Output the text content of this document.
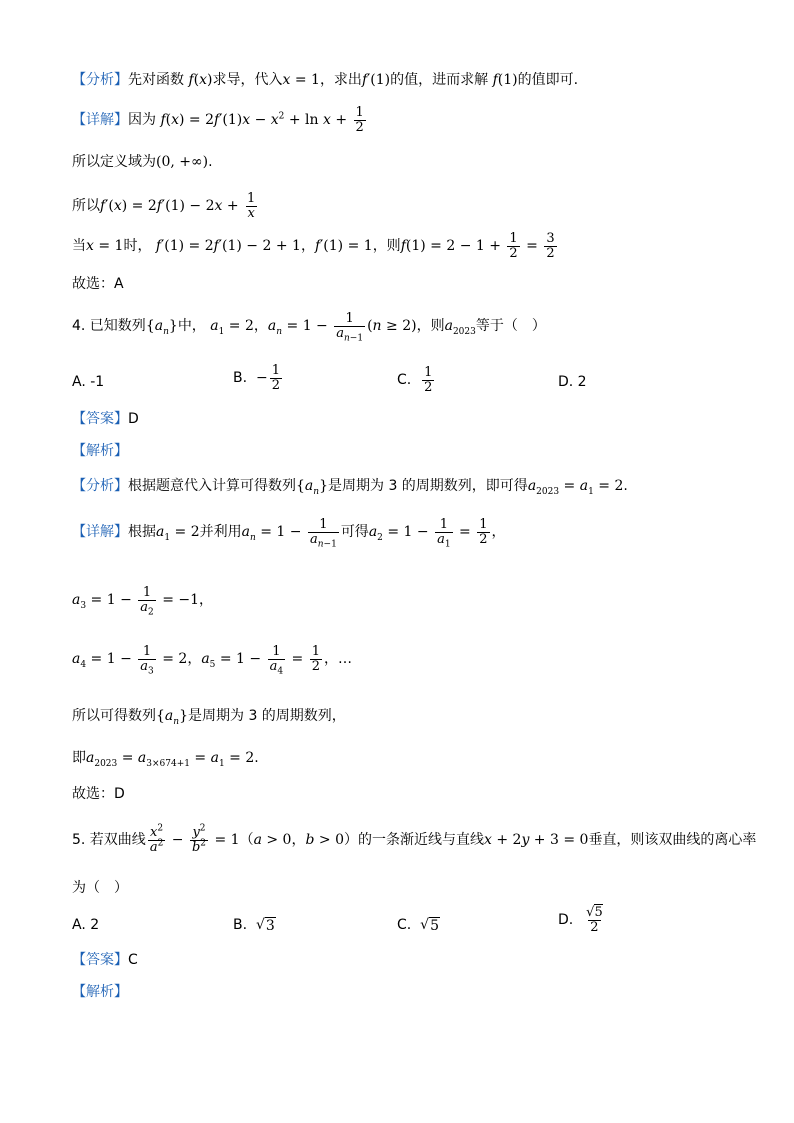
【分析】先对函数 f(x)求导，代入x = 1，求出f′(1)的值，进而求解 f(1)的值即可.
【详解】因为 $f(x) = 2f'(1)x - x^2 + \ln x + \frac{1}{2}$
所以定义域为(0, +∞).
所以$f'(x) = 2f'(1) - 2x + \frac{1}{x}$
当x = 1时， f′(1) = 2f′(1) − 2 + 1，f′(1) = 1，则$f(1) = 2 - 1 + \frac{1}{2} = \frac{3}{2}$
故选：A
4. 已知数列$\{a_n\}$中， $a_1 = 2$，$a_n = 1 - \frac{1}{a_{n-1}} (n \ge 2)$，则$a_{2023}$等于（　）
A. -1	B. − $\frac{1}{2}$	C. $\frac{1}{2}$	D. 2
【答案】D
【解析】
【分析】根据题意代入计算可得数列$\{a_n\}$是周期为 3 的周期数列，即可得$a_{2023} = a_1 = 2$.
【详解】根据$a_1 = 2$并利用$a_n = 1 - \frac{1}{a_{n-1}}$ 可得$a_2 = 1 - \frac{1}{a_1} = \frac{1}{2}$ ，
$a_3 = 1 - \frac{1}{a_2} = -1$，
$a_4 = 1 - \frac{1}{a_3} = 2$，$a_5 = 1 - \frac{1}{a_4} = \frac{1}{2}$ ，…
所以可得数列$\{a_n\}$是周期为 3 的周期数列，
即$a_{2023} = a_{3\times 674+1} = a_1 = 2$.
故选：D
5. 若双曲线 $\frac{x^2}{a^2} - \frac{y^2}{b^2} = 1(a > 0$，b > 0）的一条渐近线与直线x + 2y + 3 = 0垂直，则该双曲线的离心率
为（　）
A. 2	B. √ 3	C. √ 5	D. $\frac{√5}{2}$
【答案】C
【解析】
